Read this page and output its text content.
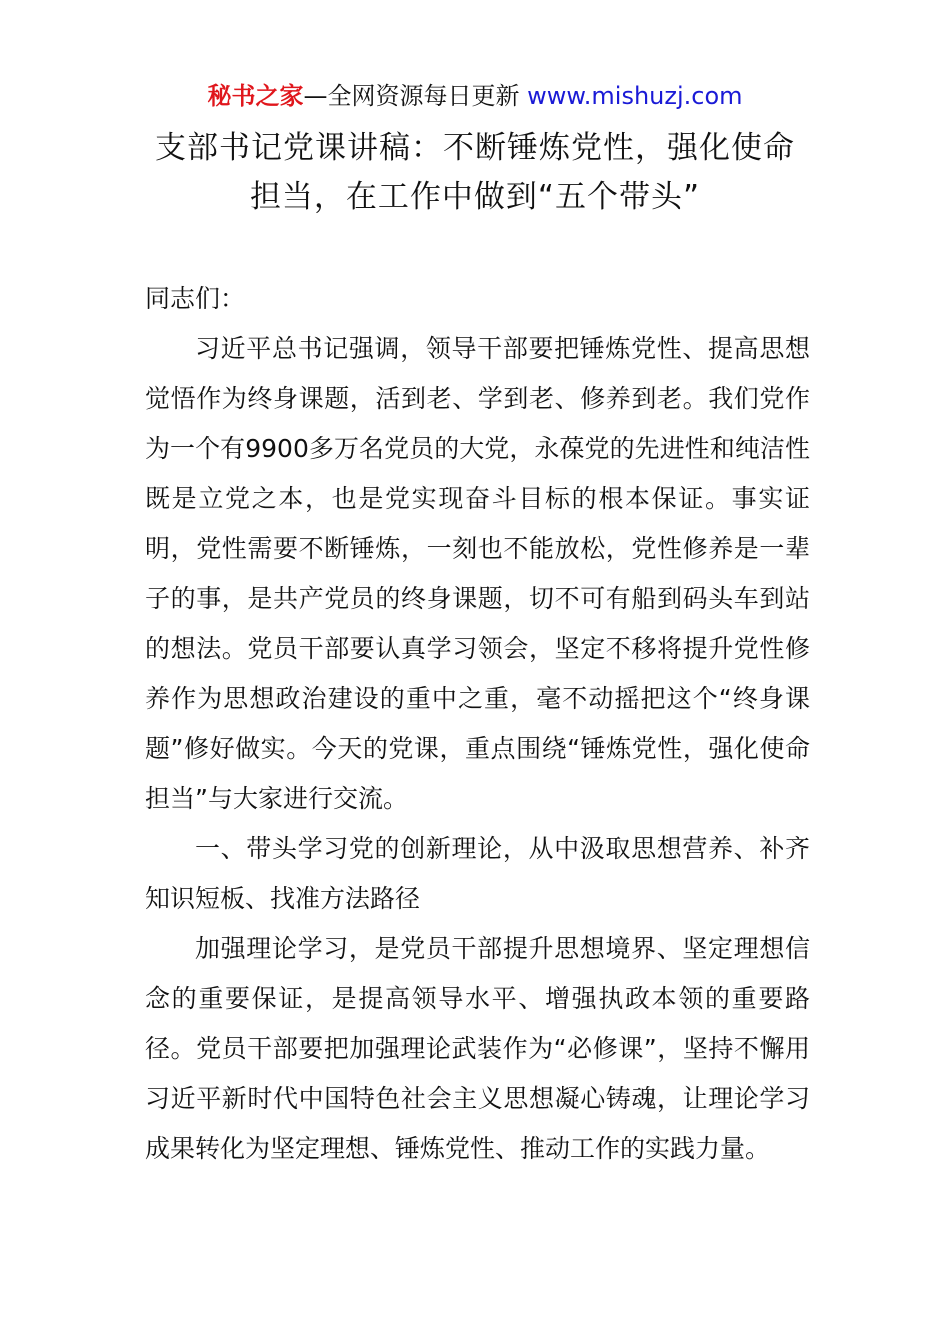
秘书之家—全网资源每日更新 www.mishuzj.com
支部书记党课讲稿：不断锤炼党性，强化使命
担当，在工作中做到“五个带头”

同志们：

习近平总书记强调，领导干部要把锤炼党性、提高思想觉悟作为终身课题，活到老、学到老、修养到老。我们党作为一个有9900多万名党员的大党，永葆党的先进性和纯洁性既是立党之本，也是党实现奋斗目标的根本保证。事实证明，党性需要不断锤炼，一刻也不能放松，党性修养是一辈子的事，是共产党员的终身课题，切不可有船到码头车到站的想法。党员干部要认真学习领会，坚定不移将提升党性修养作为思想政治建设的重中之重，毫不动摇把这个“终身课题”修好做实。今天的党课，重点围绕“锤炼党性，强化使命担当”与大家进行交流。

一、带头学习党的创新理论，从中汲取思想营养、补齐知识短板、找准方法路径

加强理论学习，是党员干部提升思想境界、坚定理想信念的重要保证，是提高领导水平、增强执政本领的重要路径。党员干部要把加强理论武装作为“必修课”，坚持不懈用习近平新时代中国特色社会主义思想凝心铸魂，让理论学习成果转化为坚定理想、锤炼党性、推动工作的实践力量。
